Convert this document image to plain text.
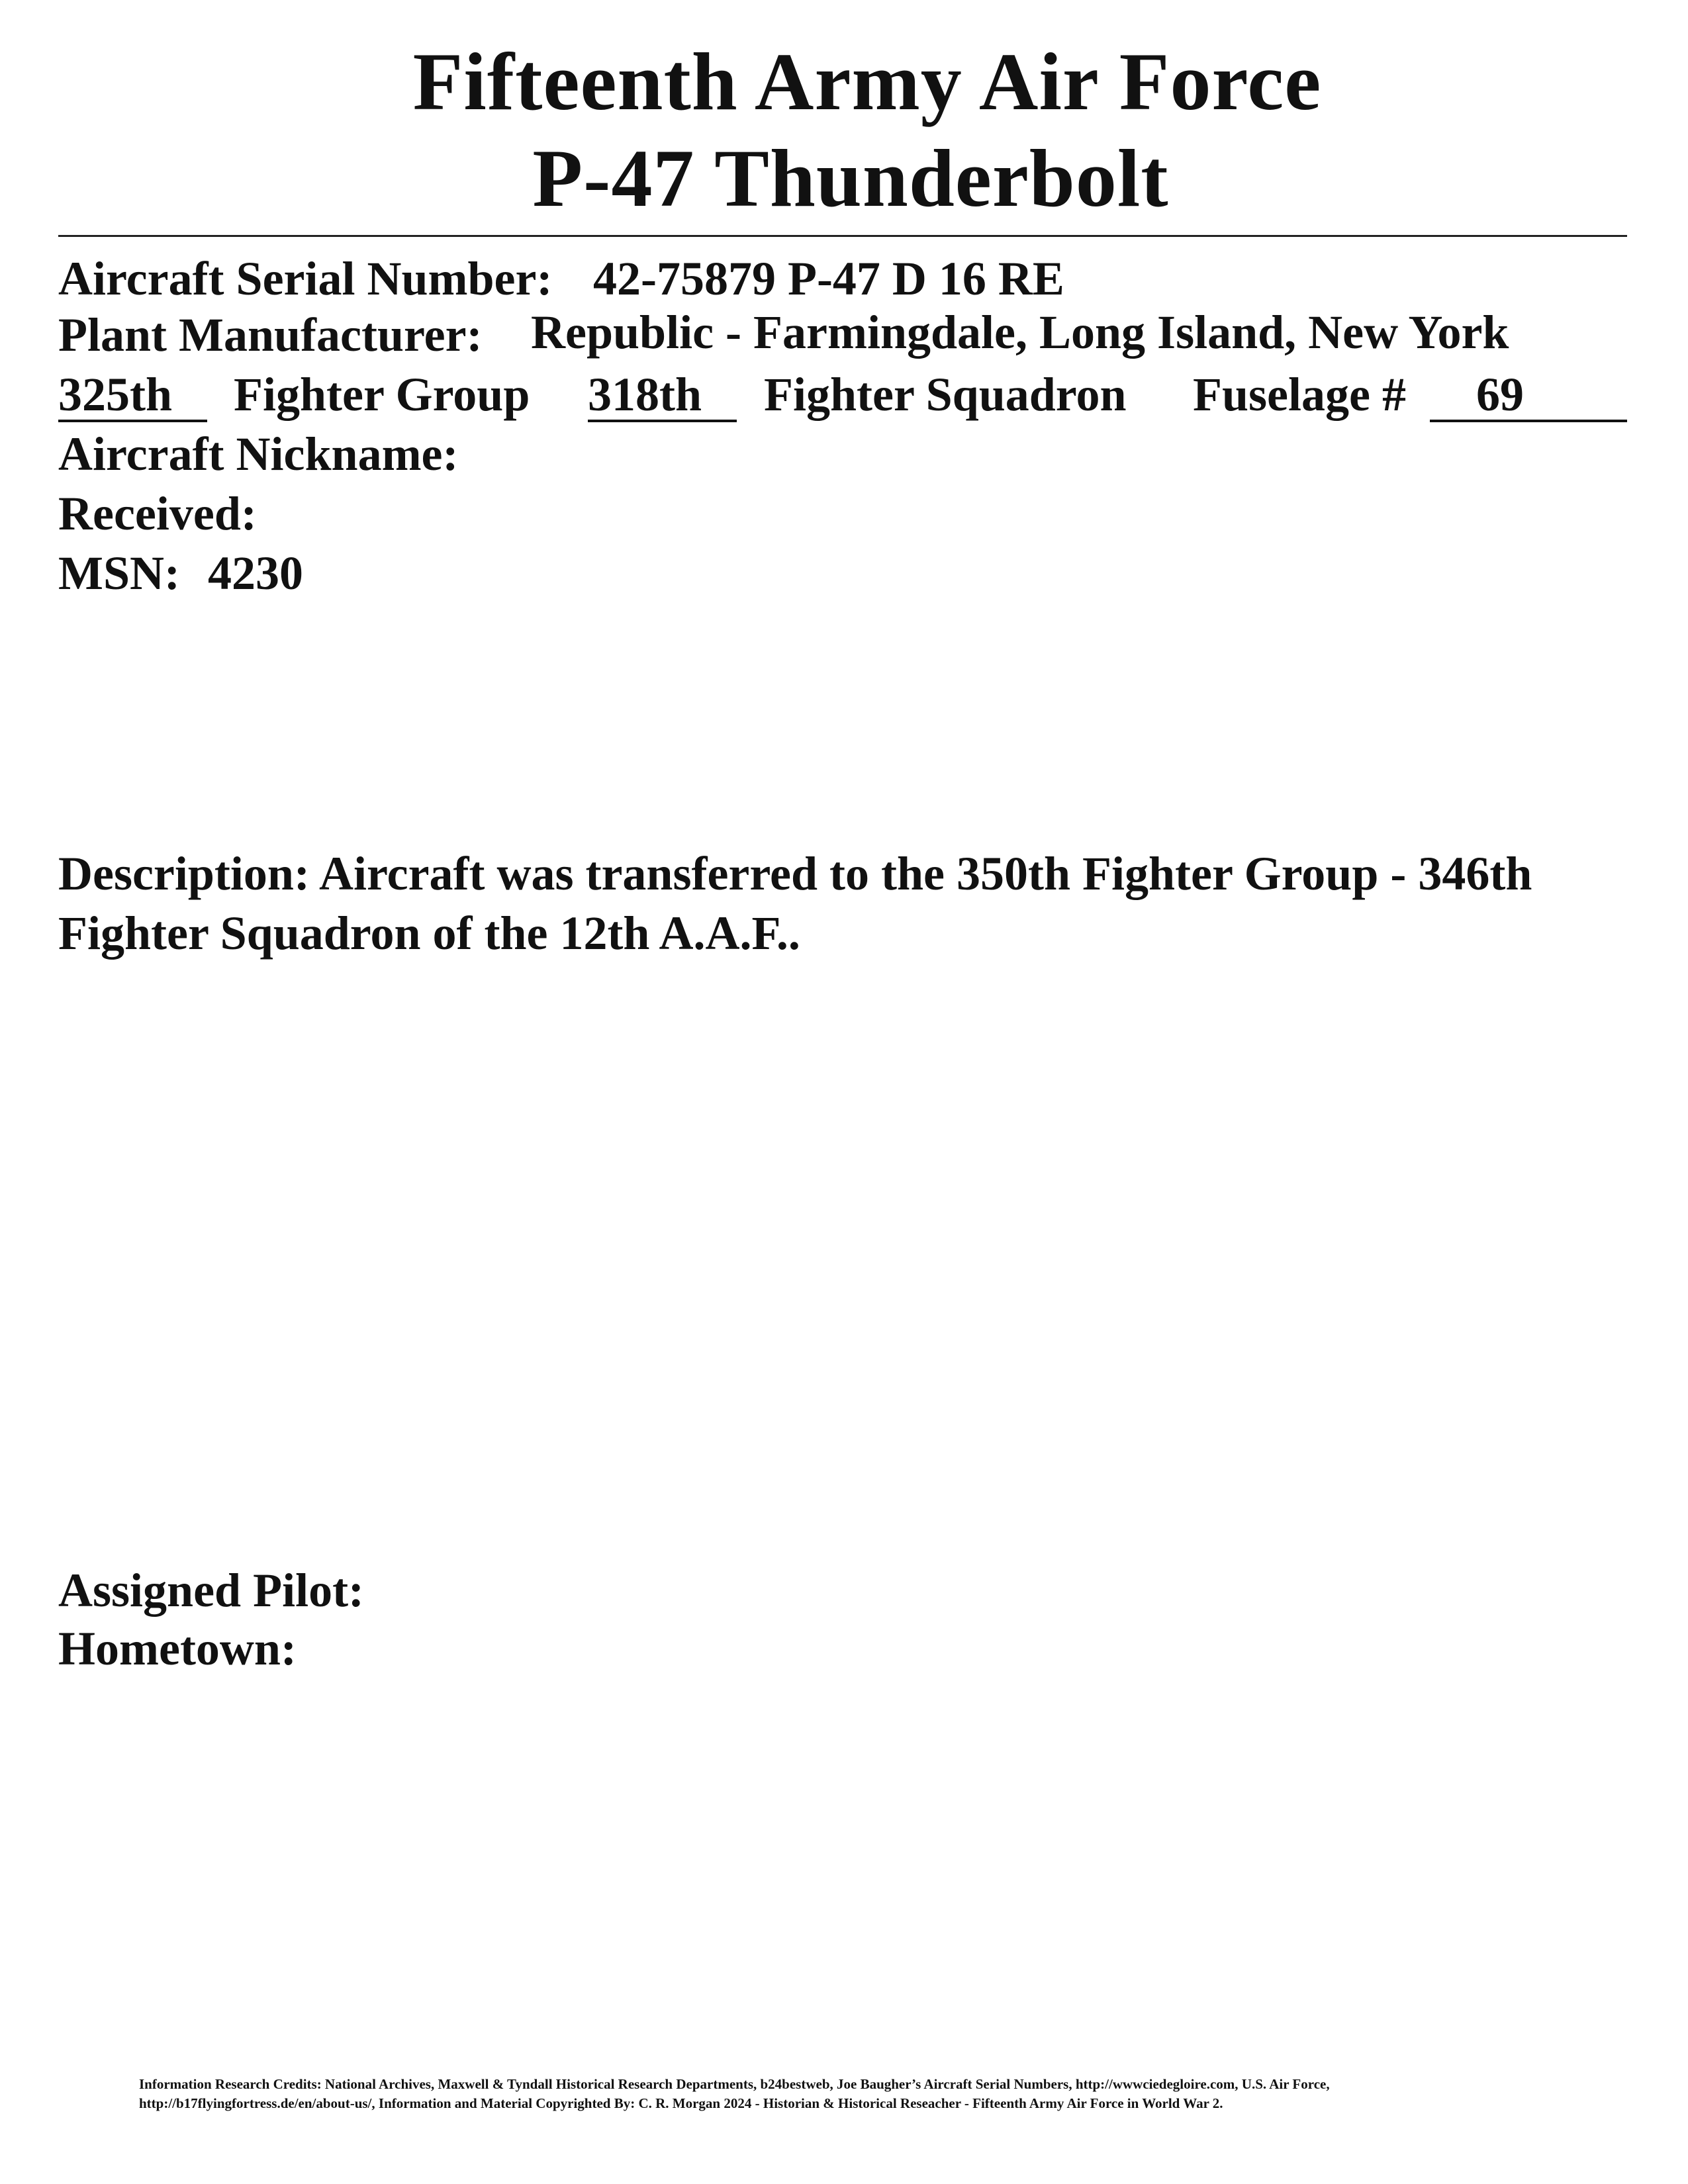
Fifteenth Army Air Force
P-47 Thunderbolt
Aircraft Serial Number: 42-75879 P-47 D 16 RE
Plant Manufacturer: Republic - Farmingdale, Long Island, New York
325th	Fighter Group 318th	Fighter Squadron Fuselage # 69
Aircraft Nickname:
Received:
MSN: 4230

Description: Aircraft was transferred to the 350th Fighter Group - 346th Fighter Squadron of the 12th A.A.F..

Assigned Pilot:
Hometown:
Information Research Credits: National Archives, Maxwell & Tyndall Historical Research Departments, b24bestweb, Joe Baugher’s Aircraft Serial Numbers, http://wwwciedegloire.com, U.S. Air Force,
http://b17flyingfortress.de/en/about-us/, Information and Material Copyrighted By: C. R. Morgan 2024 - Historian & Historical Reseacher - Fifteenth Army Air Force in World War 2.
